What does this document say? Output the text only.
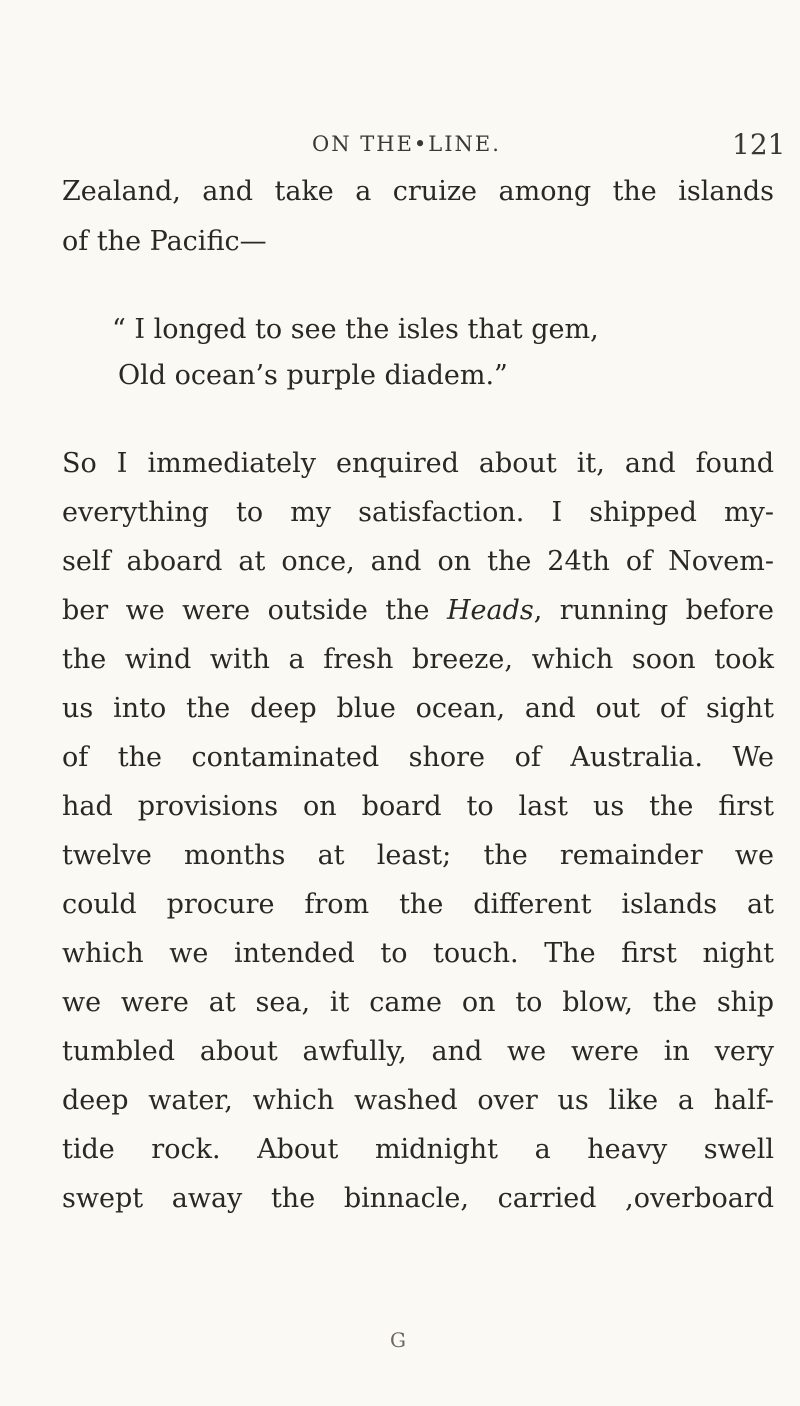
ON THE•LINE.	121
Zealand, and take a cruize among the islands
of the Pacific—
“ I longed to see the isles that gem,
Old ocean’s purple diadem.”
So I immediately enquired about it, and found
everything to my satisfaction. I shipped my-
self aboard at once, and on the 24th of Novem-
ber we were outside the Heads, running before
the wind with a fresh breeze, which soon took
us into the deep blue ocean, and out of sight
of the contaminated shore of Australia. We
had provisions on board to last us the first
twelve months at least; the remainder we
could procure from the different islands at
which we intended to touch. The first night
we were at sea, it came on to blow, the ship
tumbled about awfully, and we were in very
deep water, which washed over us like a half-
tide rock. About midnight a heavy swell
swept away the binnacle, carried ,overboard
G
